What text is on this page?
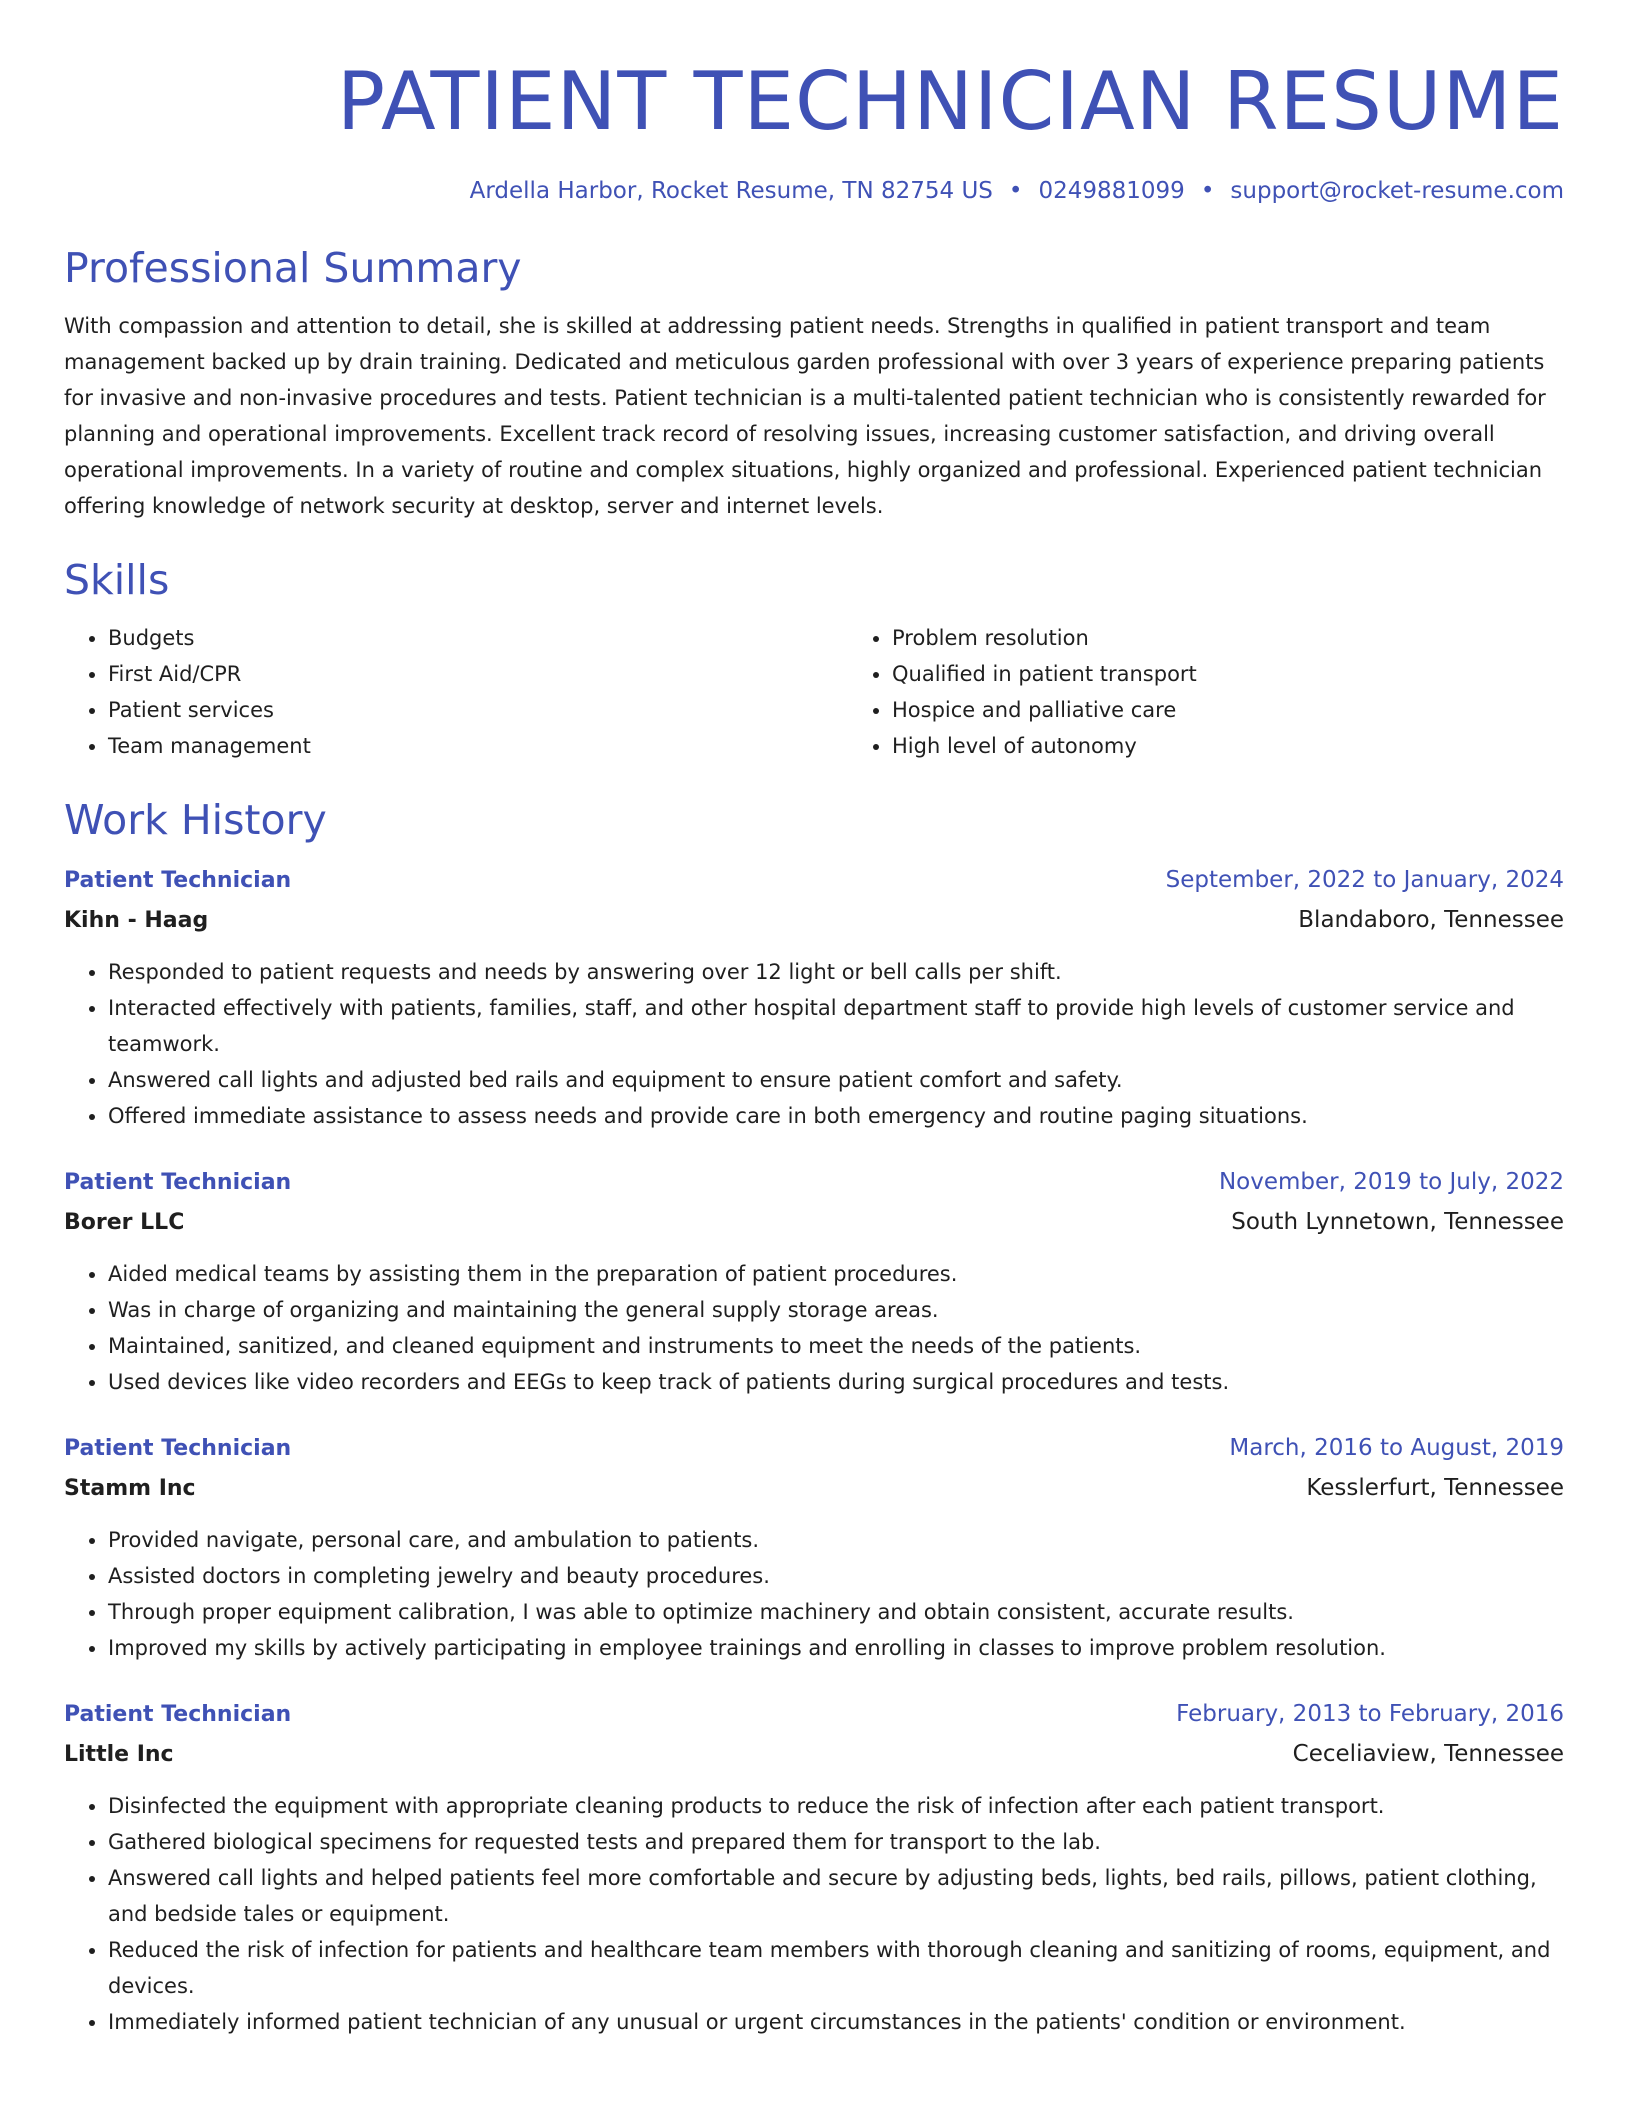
PATIENT TECHNICIAN RESUME
Ardella Harbor, Rocket Resume, TN 82754 US • 0249881099 • support@rocket-resume.com
Professional Summary

With compassion and attention to detail, she is skilled at addressing patient needs. Strengths in qualified in patient transport and team management backed up by drain training. Dedicated and meticulous garden professional with over 3 years of experience preparing patients for invasive and non-invasive procedures and tests. Patient technician is a multi-talented patient technician who is consistently rewarded for planning and operational improvements. Excellent track record of resolving issues, increasing customer satisfaction, and driving overall operational improvements. In a variety of routine and complex situations, highly organized and professional. Experienced patient technician offering knowledge of network security at desktop, server and internet levels.

Skills
• Budgets
• First Aid/CPR
• Patient services
• Team management
• Problem resolution
• Qualified in patient transport
• Hospice and palliative care
• High level of autonomy
Work History
Patient Technician	September, 2022 to January, 2024
Kihn - Haag	Blandaboro, Tennessee
• Responded to patient requests and needs by answering over 12 light or bell calls per shift.
• Interacted effectively with patients, families, staff, and other hospital department staff to provide high levels of customer service and teamwork.
• Answered call lights and adjusted bed rails and equipment to ensure patient comfort and safety.
• Offered immediate assistance to assess needs and provide care in both emergency and routine paging situations.
Patient Technician	November, 2019 to July, 2022
Borer LLC	South Lynnetown, Tennessee
• Aided medical teams by assisting them in the preparation of patient procedures.
• Was in charge of organizing and maintaining the general supply storage areas.
• Maintained, sanitized, and cleaned equipment and instruments to meet the needs of the patients.
• Used devices like video recorders and EEGs to keep track of patients during surgical procedures and tests.
Patient Technician	March, 2016 to August, 2019
Stamm Inc	Kesslerfurt, Tennessee
• Provided navigate, personal care, and ambulation to patients.
• Assisted doctors in completing jewelry and beauty procedures.
• Through proper equipment calibration, I was able to optimize machinery and obtain consistent, accurate results.
• Improved my skills by actively participating in employee trainings and enrolling in classes to improve problem resolution.
Patient Technician	February, 2013 to February, 2016
Little Inc	Ceceliaview, Tennessee
• Disinfected the equipment with appropriate cleaning products to reduce the risk of infection after each patient transport.
• Gathered biological specimens for requested tests and prepared them for transport to the lab.
• Answered call lights and helped patients feel more comfortable and secure by adjusting beds, lights, bed rails, pillows, patient clothing, and bedside tales or equipment.
• Reduced the risk of infection for patients and healthcare team members with thorough cleaning and sanitizing of rooms, equipment, and devices.
• Immediately informed patient technician of any unusual or urgent circumstances in the patients' condition or environment.
